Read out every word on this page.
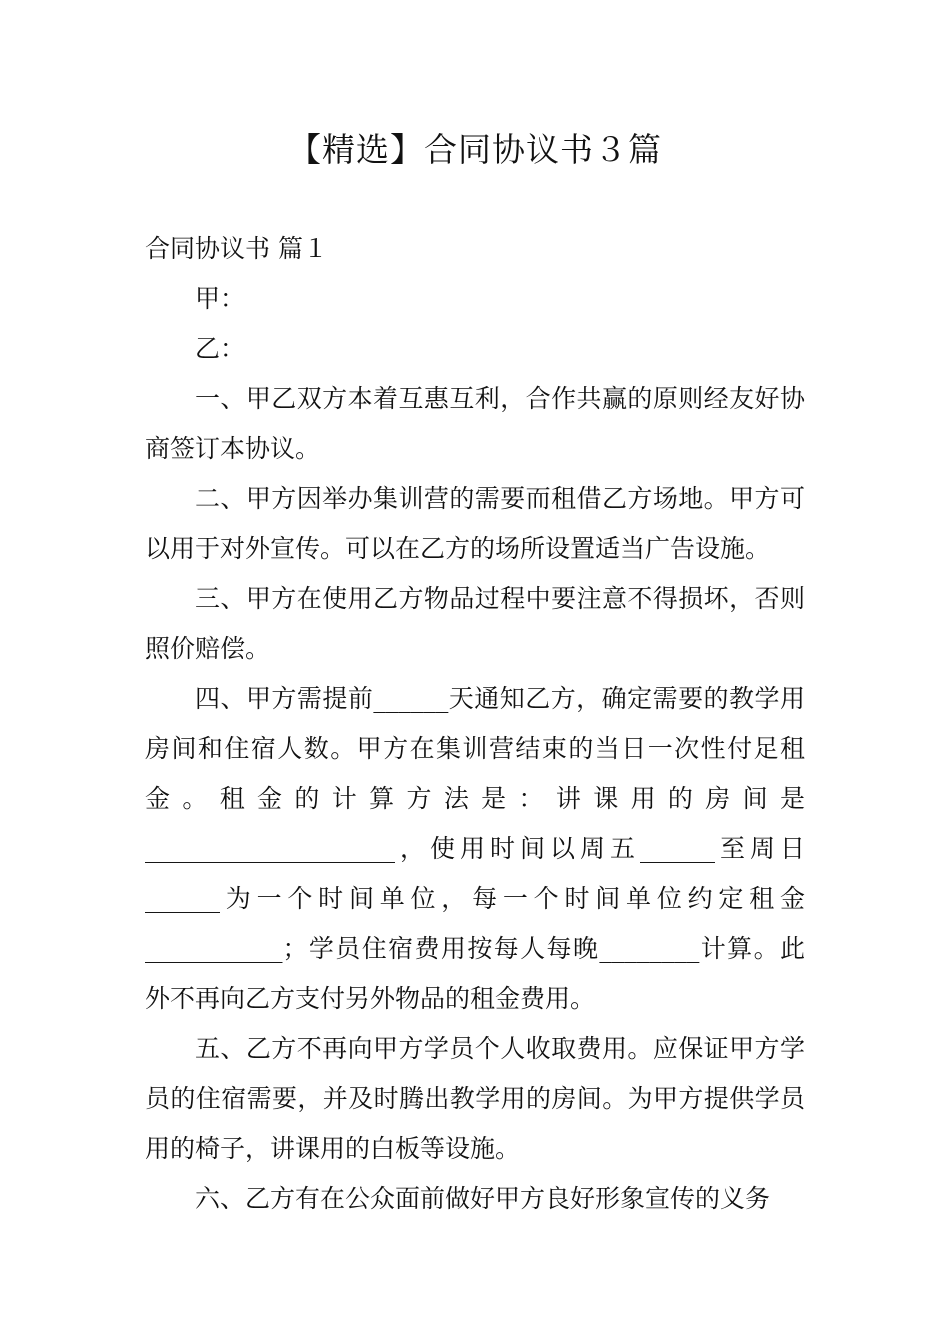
【精选】合同协议书３篇

合同协议书 篇１

甲：

乙：

一、甲乙双方本着互惠互利，合作共赢的原则经友好协商签订本协议。

二、甲方因举办集训营的需要而租借乙方场地。甲方可以用于对外宣传。可以在乙方的场所设置适当广告设施。

三、甲方在使用乙方物品过程中要注意不得损坏，否则照价赔偿。

四、甲方需提前______天通知乙方，确定需要的教学用房间和住宿人数。甲方在集训营结束的当日一次性付足租金。租金的计算方法是：讲课用的房间是____________________，使用时间以周五______至周日______为一个时间单位，每一个时间单位约定租金___________；学员住宿费用按每人每晚________计算。此外不再向乙方支付另外物品的租金费用。

五、乙方不再向甲方学员个人收取费用。应保证甲方学员的住宿需要，并及时腾出教学用的房间。为甲方提供学员用的椅子，讲课用的白板等设施。

六、乙方有在公众面前做好甲方良好形象宣传的义务
